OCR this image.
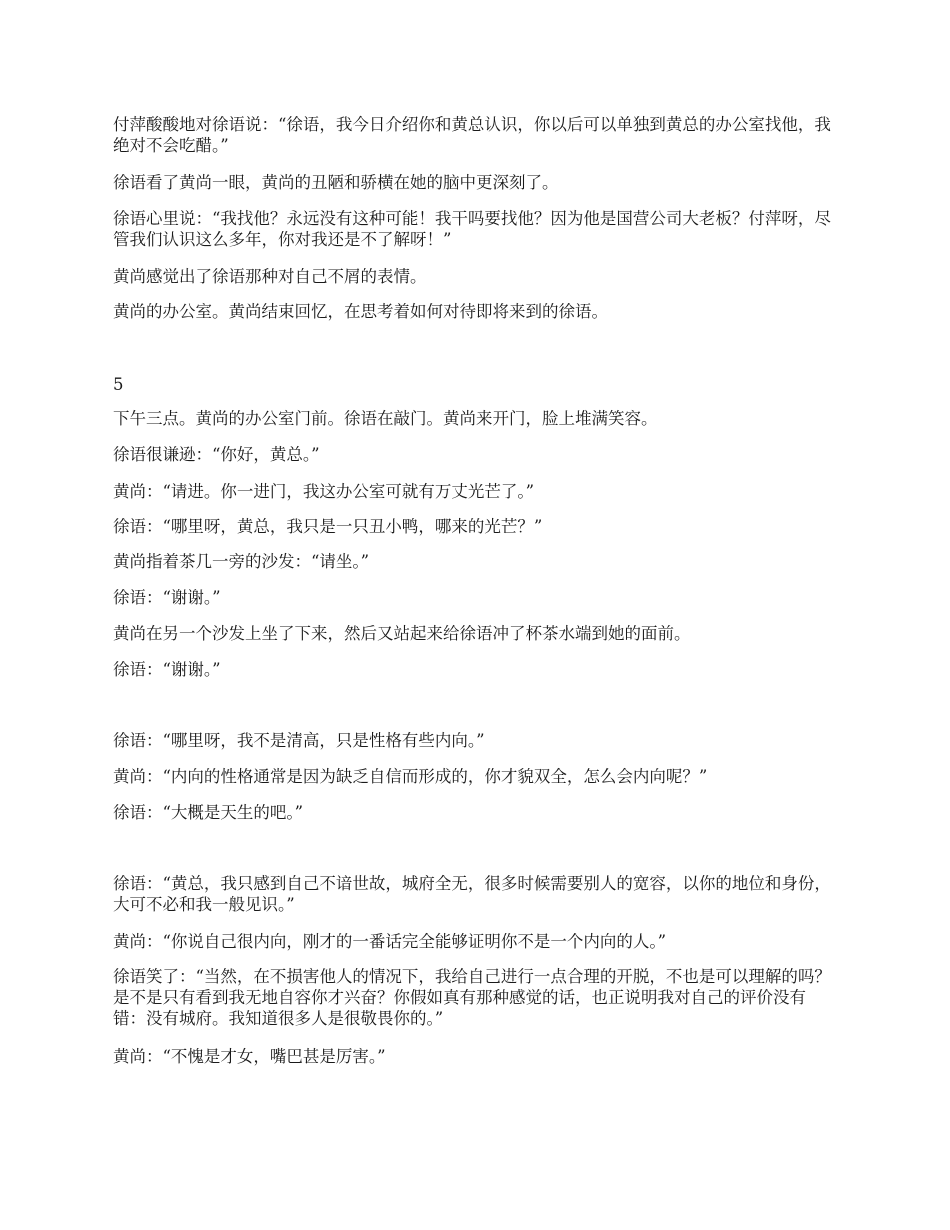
付萍酸酸地对徐语说：“徐语，我今日介绍你和黄总认识，你以后可以单独到黄总的办公室找他，我绝对不会吃醋。”

徐语看了黄尚一眼，黄尚的丑陋和骄横在她的脑中更深刻了。

徐语心里说：“我找他？永远没有这种可能！我干吗要找他？因为他是国营公司大老板？付萍呀，尽管我们认识这么多年，你对我还是不了解呀！”

黄尚感觉出了徐语那种对自己不屑的表情。

黄尚的办公室。黄尚结束回忆，在思考着如何对待即将来到的徐语。

5

下午三点。黄尚的办公室门前。徐语在敲门。黄尚来开门，脸上堆满笑容。

徐语很谦逊：“你好，黄总。”

黄尚：“请进。你一进门，我这办公室可就有万丈光芒了。”

徐语：“哪里呀，黄总，我只是一只丑小鸭，哪来的光芒？”

黄尚指着茶几一旁的沙发：“请坐。”

徐语：“谢谢。”

黄尚在另一个沙发上坐了下来，然后又站起来给徐语冲了杯茶水端到她的面前。

徐语：“谢谢。”

徐语：“哪里呀，我不是清高，只是性格有些内向。”

黄尚：“内向的性格通常是因为缺乏自信而形成的，你才貌双全，怎么会内向呢？”

徐语：“大概是天生的吧。”

徐语：“黄总，我只感到自己不谙世故，城府全无，很多时候需要别人的宽容，以你的地位和身份，大可不必和我一般见识。”

黄尚：“你说自己很内向，刚才的一番话完全能够证明你不是一个内向的人。”

徐语笑了：“当然，在不损害他人的情况下，我给自己进行一点合理的开脱，不也是可以理解的吗？是不是只有看到我无地自容你才兴奋？你假如真有那种感觉的话，也正说明我对自己的评价没有错：没有城府。我知道很多人是很敬畏你的。”

黄尚：“不愧是才女，嘴巴甚是厉害。”
